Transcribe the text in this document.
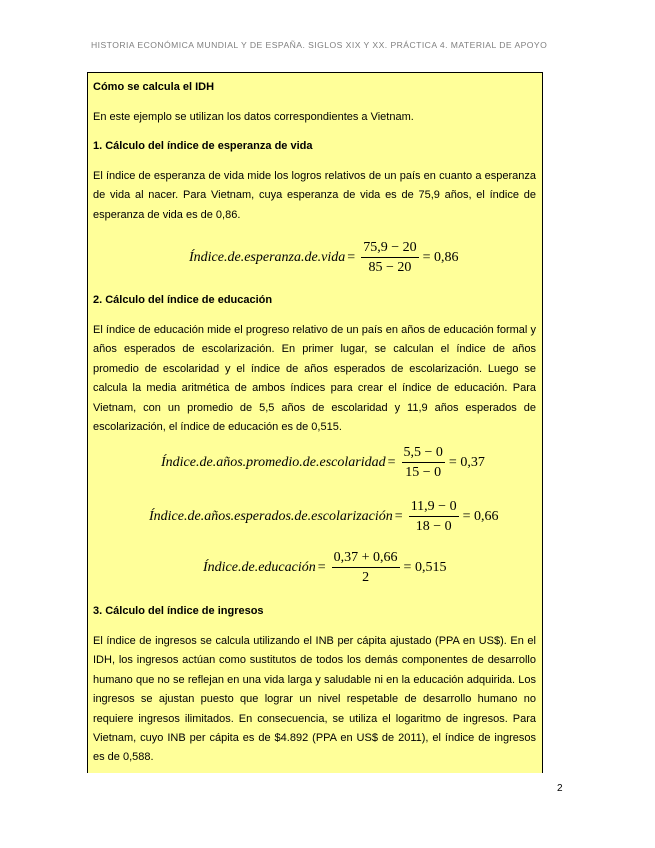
HISTORIA ECONÓMICA MUNDIAL Y DE ESPAÑA. SIGLOS XIX Y XX. PRÁCTICA 4. MATERIAL DE APOYO
Cómo se calcula el IDH
En este ejemplo se utilizan los datos correspondientes a Vietnam.
1. Cálculo del índice de esperanza de vida
El índice de esperanza de vida mide los logros relativos de un país en cuanto a esperanza de vida al nacer. Para Vietnam, cuya esperanza de vida es de 75,9 años, el índice de esperanza de vida es de 0,86.
Índice.de.esperanza.de.vida = $\frac{75,9 - 20}{85 - 20} = 0,86$
2. Cálculo del índice de educación
El índice de educación mide el progreso relativo de un país en años de educación formal y años esperados de escolarización. En primer lugar, se calculan el índice de años promedio de escolaridad y el índice de años esperados de escolarización. Luego se calcula la media aritmética de ambos índices para crear el índice de educación. Para Vietnam, con un promedio de 5,5 años de escolaridad y 11,9 años esperados de escolarización, el índice de educación es de 0,515.
Índice.de.años.promedio.de.escolaridad = $\frac{5,5 - 0}{15 - 0} = 0,37$
Índice.de.años.esperados.de.escolarización = $\frac{11,9 - 0}{18 - 0} = 0,66$
Índice.de.educación = $\frac{0,37 + 0,66}{2} = 0,515$
3. Cálculo del índice de ingresos
El índice de ingresos se calcula utilizando el INB per cápita ajustado (PPA en US$). En el IDH, los ingresos actúan como sustitutos de todos los demás componentes de desarrollo humano que no se reflejan en una vida larga y saludable ni en la educación adquirida. Los ingresos se ajustan puesto que lograr un nivel respetable de desarrollo humano no requiere ingresos ilimitados. En consecuencia, se utiliza el logaritmo de ingresos. Para Vietnam, cuyo INB per cápita es de $4.892 (PPA en US$ de 2011), el índice de ingresos es de 0,588.
2
